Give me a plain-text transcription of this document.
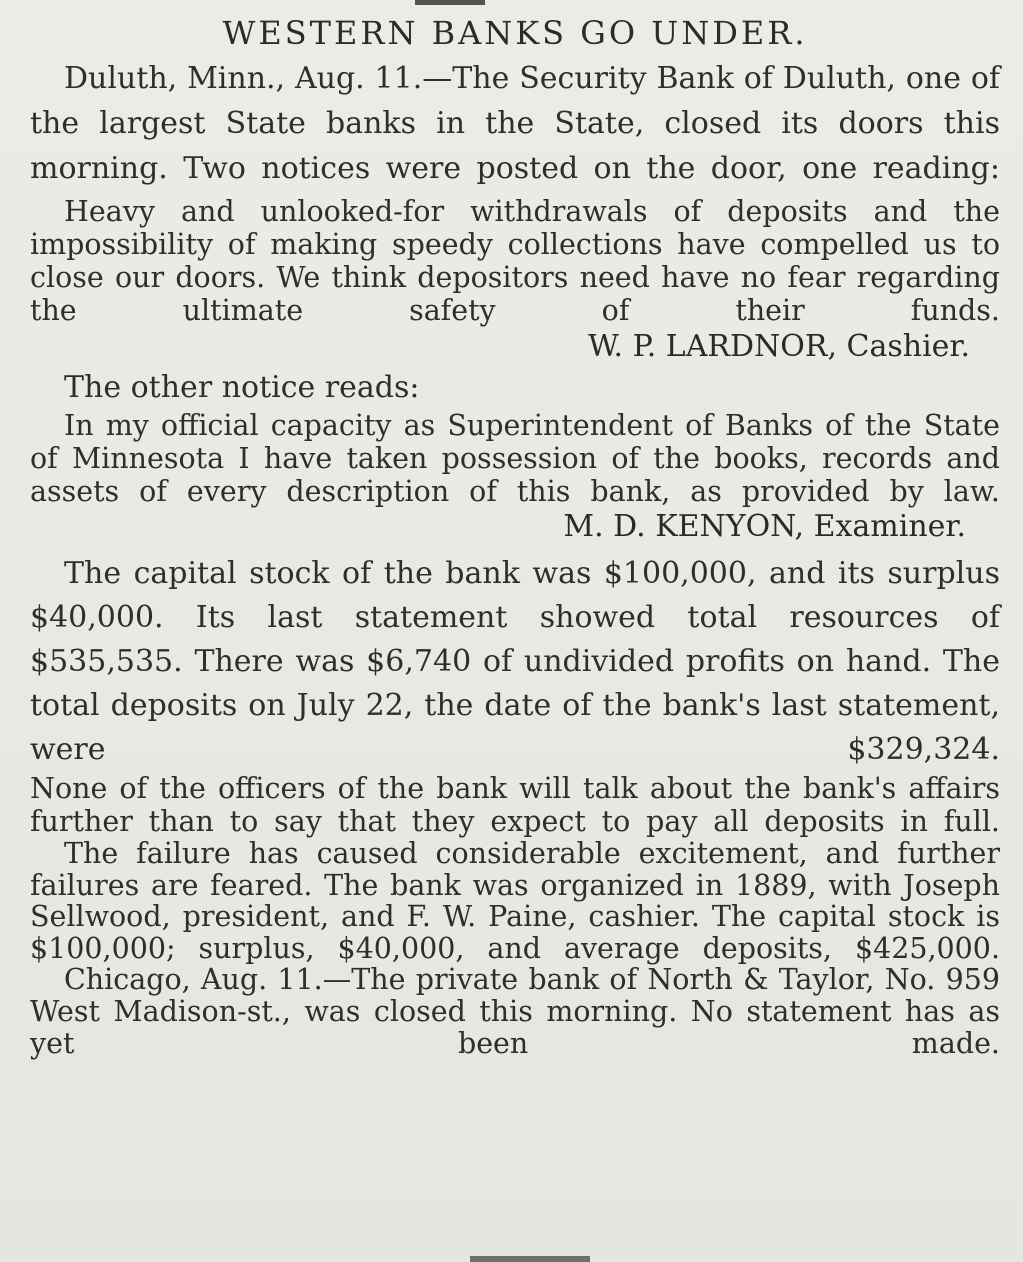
WESTERN BANKS GO UNDER.

Duluth, Minn., Aug. 11.—The Security Bank of Duluth, one of the largest State banks in the State, closed its doors this morning. Two notices were posted on the door, one reading:

Heavy and unlooked-for withdrawals of deposits and the impossibility of making speedy collections have compelled us to close our doors. We think depositors need have no fear regarding the ultimate safety of their funds.

W. P. LARDNOR, Cashier.

The other notice reads:

In my official capacity as Superintendent of Banks of the State of Minnesota I have taken possession of the books, records and assets of every description of this bank, as provided by law.

M. D. KENYON, Examiner.

The capital stock of the bank was $100,000, and its surplus $40,000. Its last statement showed total resources of $535,535. There was $6,740 of undivided profits on hand. The total deposits on July 22, the date of the bank's last statement, were $329,324.

None of the officers of the bank will talk about the bank's affairs further than to say that they expect to pay all deposits in full.

The failure has caused considerable excitement, and further failures are feared. The bank was organized in 1889, with Joseph Sellwood, president, and F. W. Paine, cashier. The capital stock is $100,000; surplus, $40,000, and average deposits, $425,000.

Chicago, Aug. 11.—The private bank of North & Taylor, No. 959 West Madison-st., was closed this morning. No statement has as yet been made.
